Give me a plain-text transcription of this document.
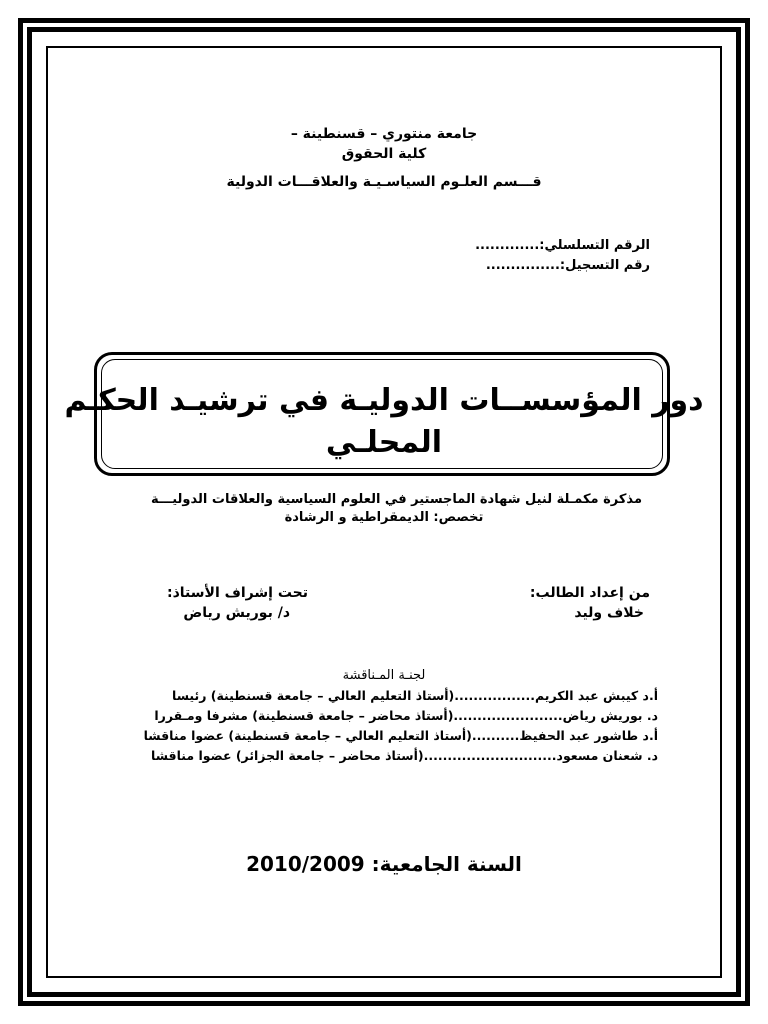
جامعة منتوري – قسنطينة –
كلية الحقوق
قـــسم العلـوم السياسـيـة والعلاقـــات الدولية
الرقم التسلسلي:.............
رقم التسجيل:...............
دور المؤسســات الدوليـة في ترشيـد الحكـم
المحلـي
مذكرة مكمـلة لنيل شهادة الماجستير في العلوم السياسية والعلاقات الدوليـــة
تخصص: الديمقراطية و الرشادة
من إعداد الطالب:
خلاف وليد
تحت إشراف الأستاذ:
د/ بوريش رياض
لجنـة المـناقشة
أ.د كيبش عبد الكريم.................(أستاذ التعليم العالي – جامعة قسنطينة) رئيسا
د. بوريش رياض.......................(أستاذ محاضر – جامعة قسنطينة) مشرفا ومـقررا
أ.د طاشور عبد الحفيظ..........(أستاذ التعليم العالي – جامعة قسنطينة) عضوا مناقشا
د. شعنان مسعود............................(أستاذ محاضر – جامعة الجزائر) عضوا مناقشا
السنة الجامعية: 2010/2009
